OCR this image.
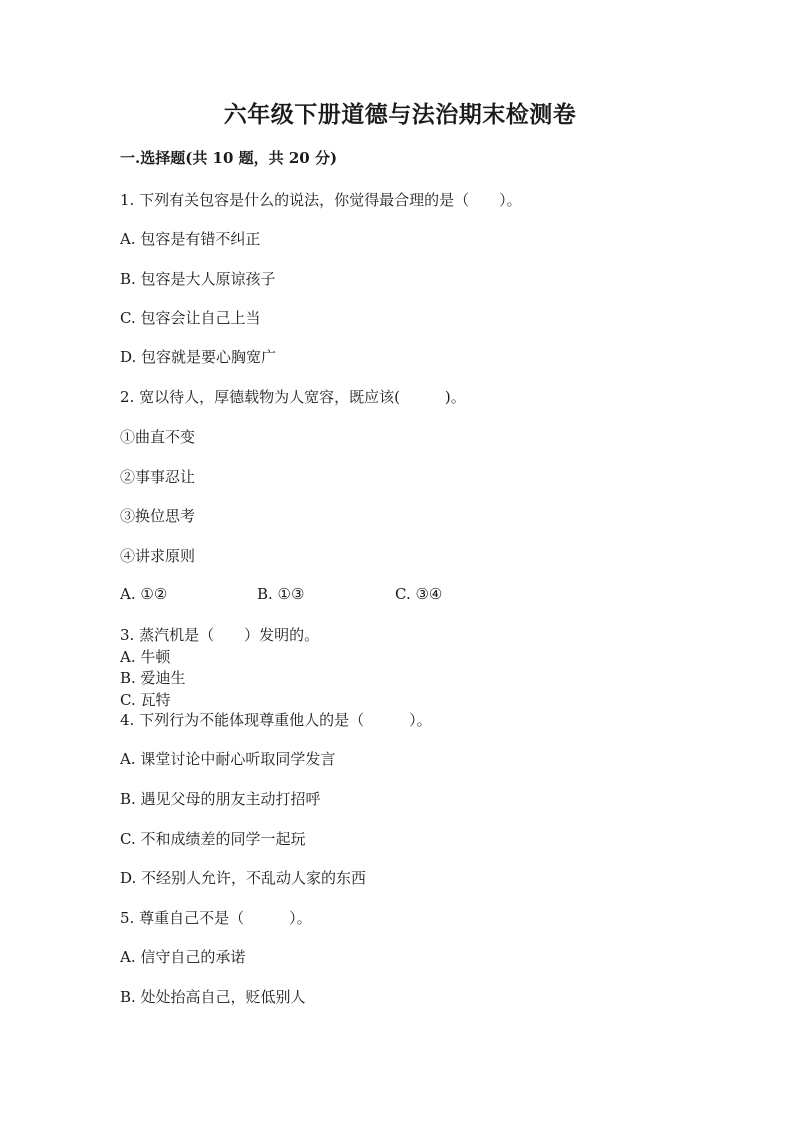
六年级下册道德与法治期末检测卷
一.选择题(共 10 题，共 20 分)
1. 下列有关包容是什么的说法，你觉得最合理的是（　　）。
A. 包容是有错不纠正
B. 包容是大人原谅孩子
C. 包容会让自己上当
D. 包容就是要心胸宽广
2. 宽以待人，厚德载物为人宽容，既应该(　　　)。
①曲直不变
②事事忍让
③换位思考
④讲求原则
A. ①②	B. ①③	C. ③④
3. 蒸汽机是（　　）发明的。
A. 牛顿
B. 爱迪生
C. 瓦特
4. 下列行为不能体现尊重他人的是（　　　）。
A. 课堂讨论中耐心听取同学发言
B. 遇见父母的朋友主动打招呼
C. 不和成绩差的同学一起玩
D. 不经别人允许，不乱动人家的东西
5. 尊重自己不是（　　　）。
A. 信守自己的承诺
B. 处处抬高自己，贬低别人
